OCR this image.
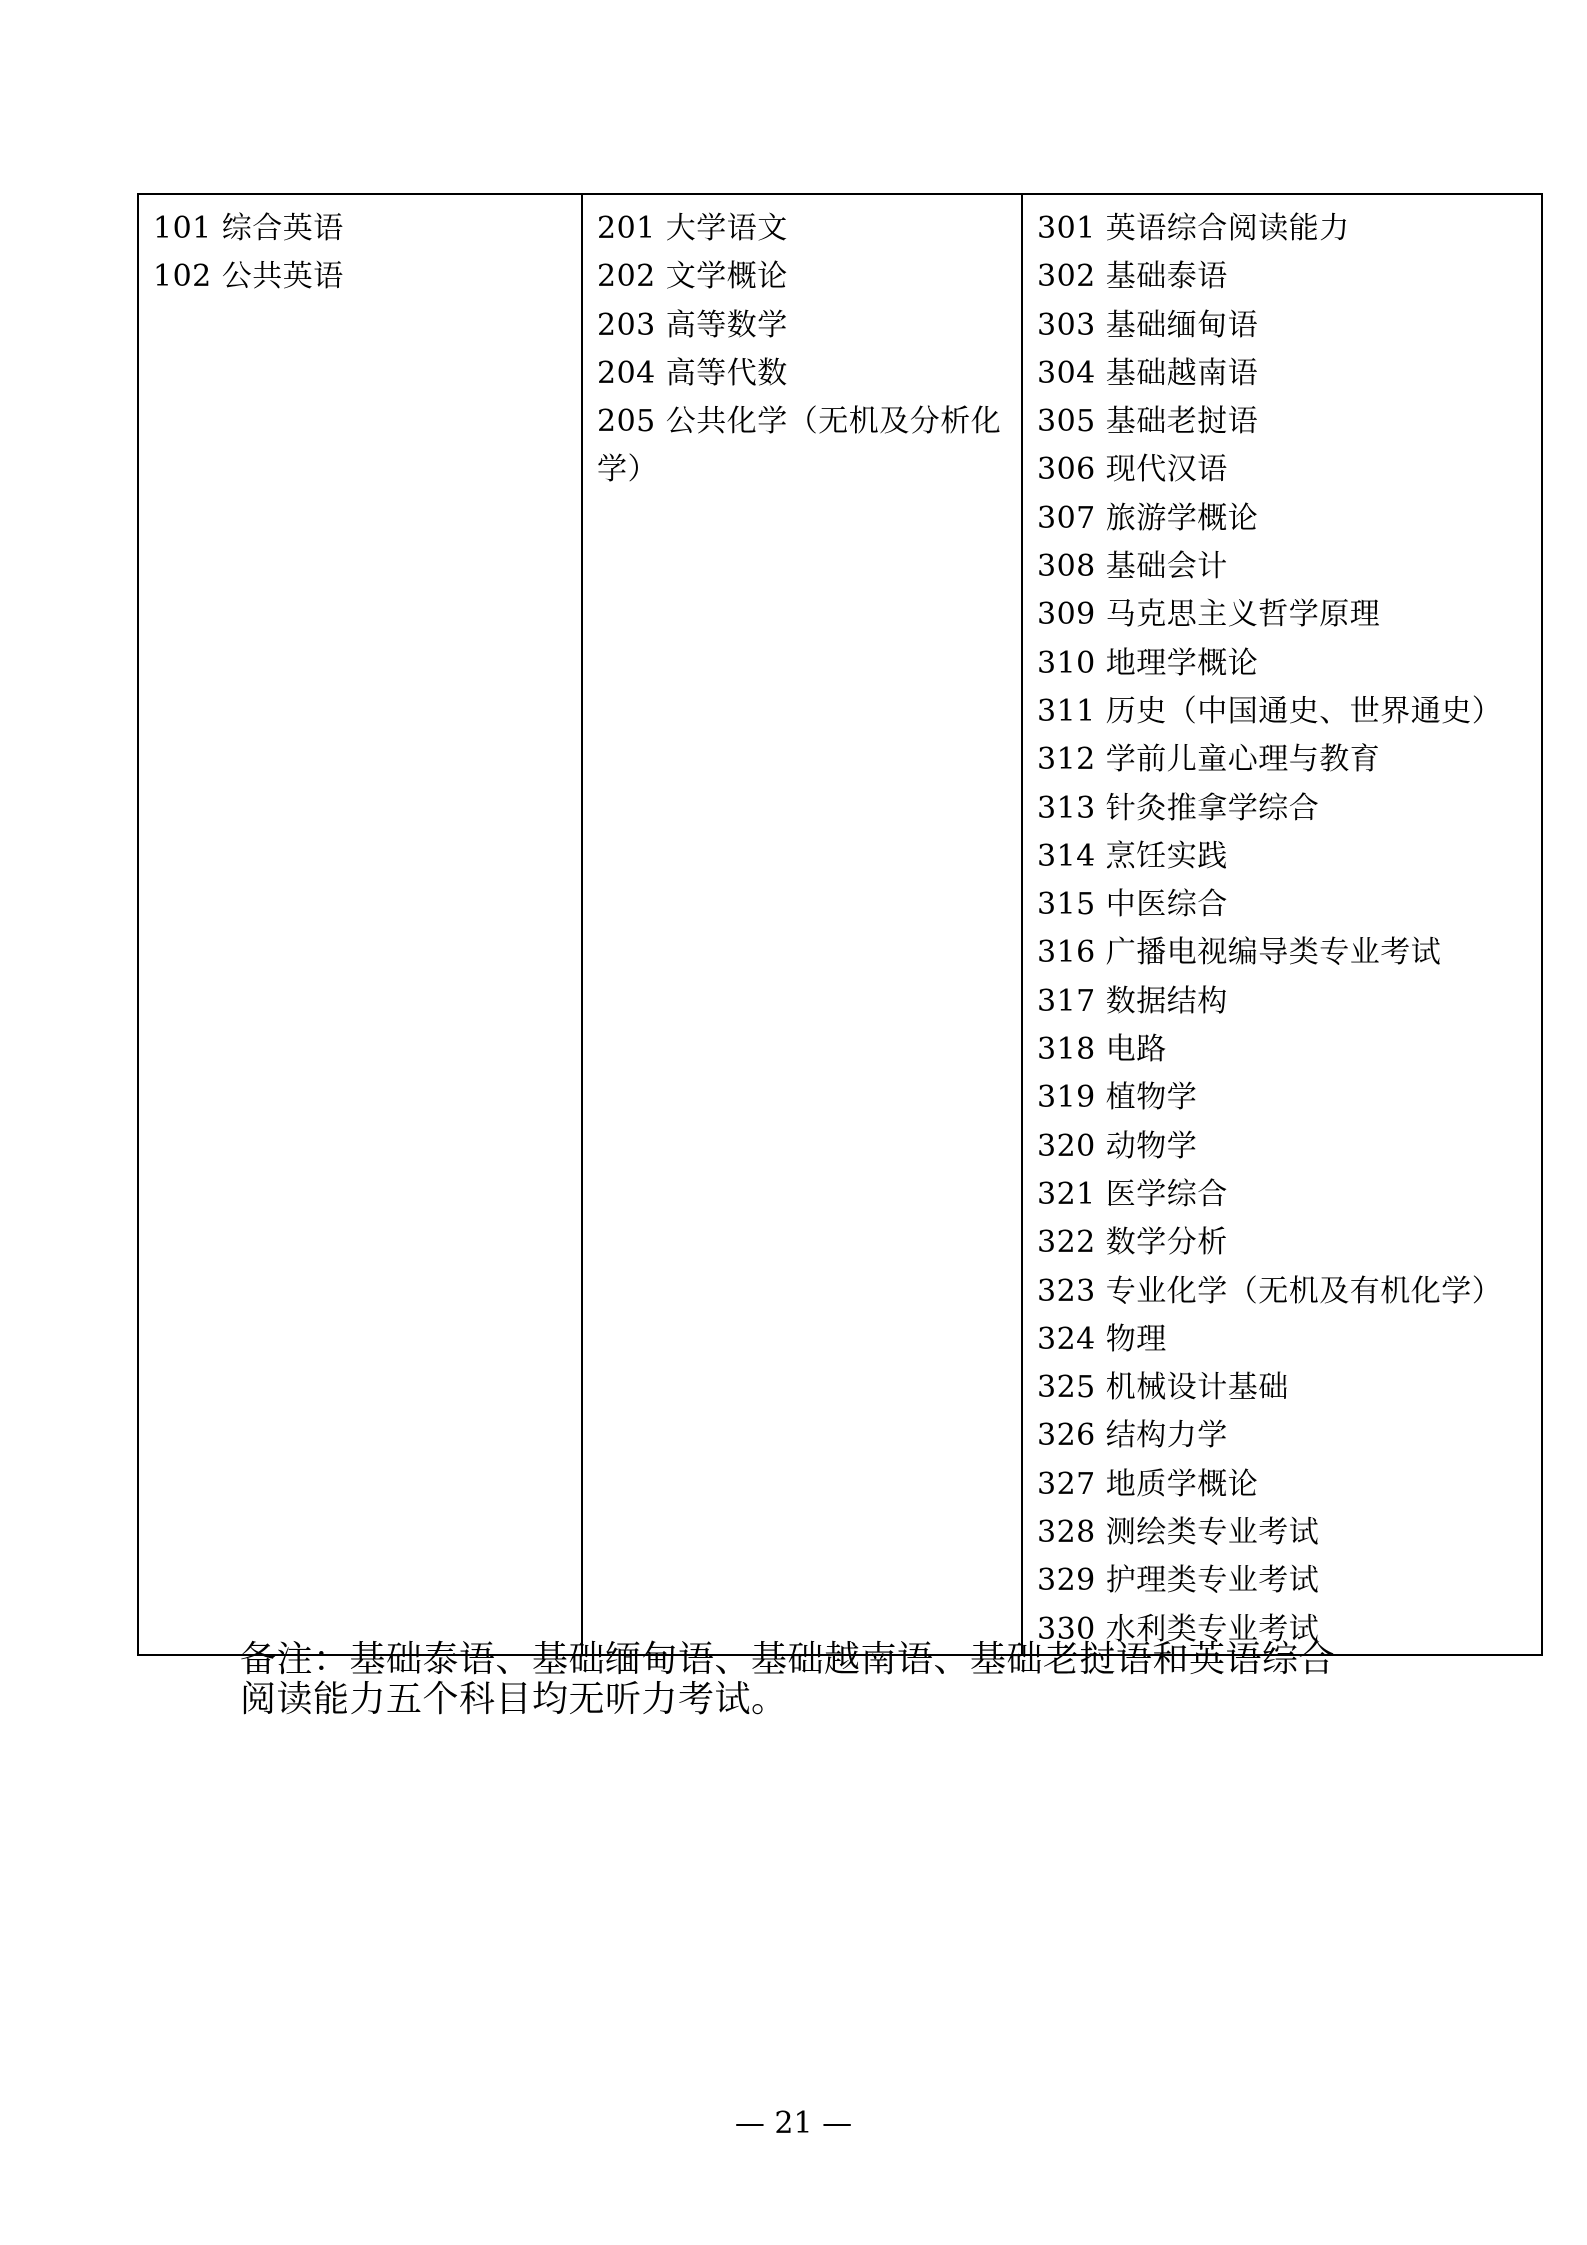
101 综合英语
102 公共英语

201 大学语文
202 文学概论
203 高等数学
204 高等代数
205 公共化学（无机及分析化学）

301 英语综合阅读能力
302 基础泰语
303 基础缅甸语
304 基础越南语
305 基础老挝语
306 现代汉语
307 旅游学概论
308 基础会计
309 马克思主义哲学原理
310 地理学概论
311 历史（中国通史、世界通史）
312 学前儿童心理与教育
313 针灸推拿学综合
314 烹饪实践
315 中医综合
316 广播电视编导类专业考试
317 数据结构
318 电路
319 植物学
320 动物学
321 医学综合
322 数学分析
323 专业化学（无机及有机化学）
324 物理
325 机械设计基础
326 结构力学
327 地质学概论
328 测绘类专业考试
329 护理类专业考试
330 水利类专业考试
备注：基础泰语、基础缅甸语、基础越南语、基础老挝语和英语综合阅读能力五个科目均无听力考试。
— 21 —
